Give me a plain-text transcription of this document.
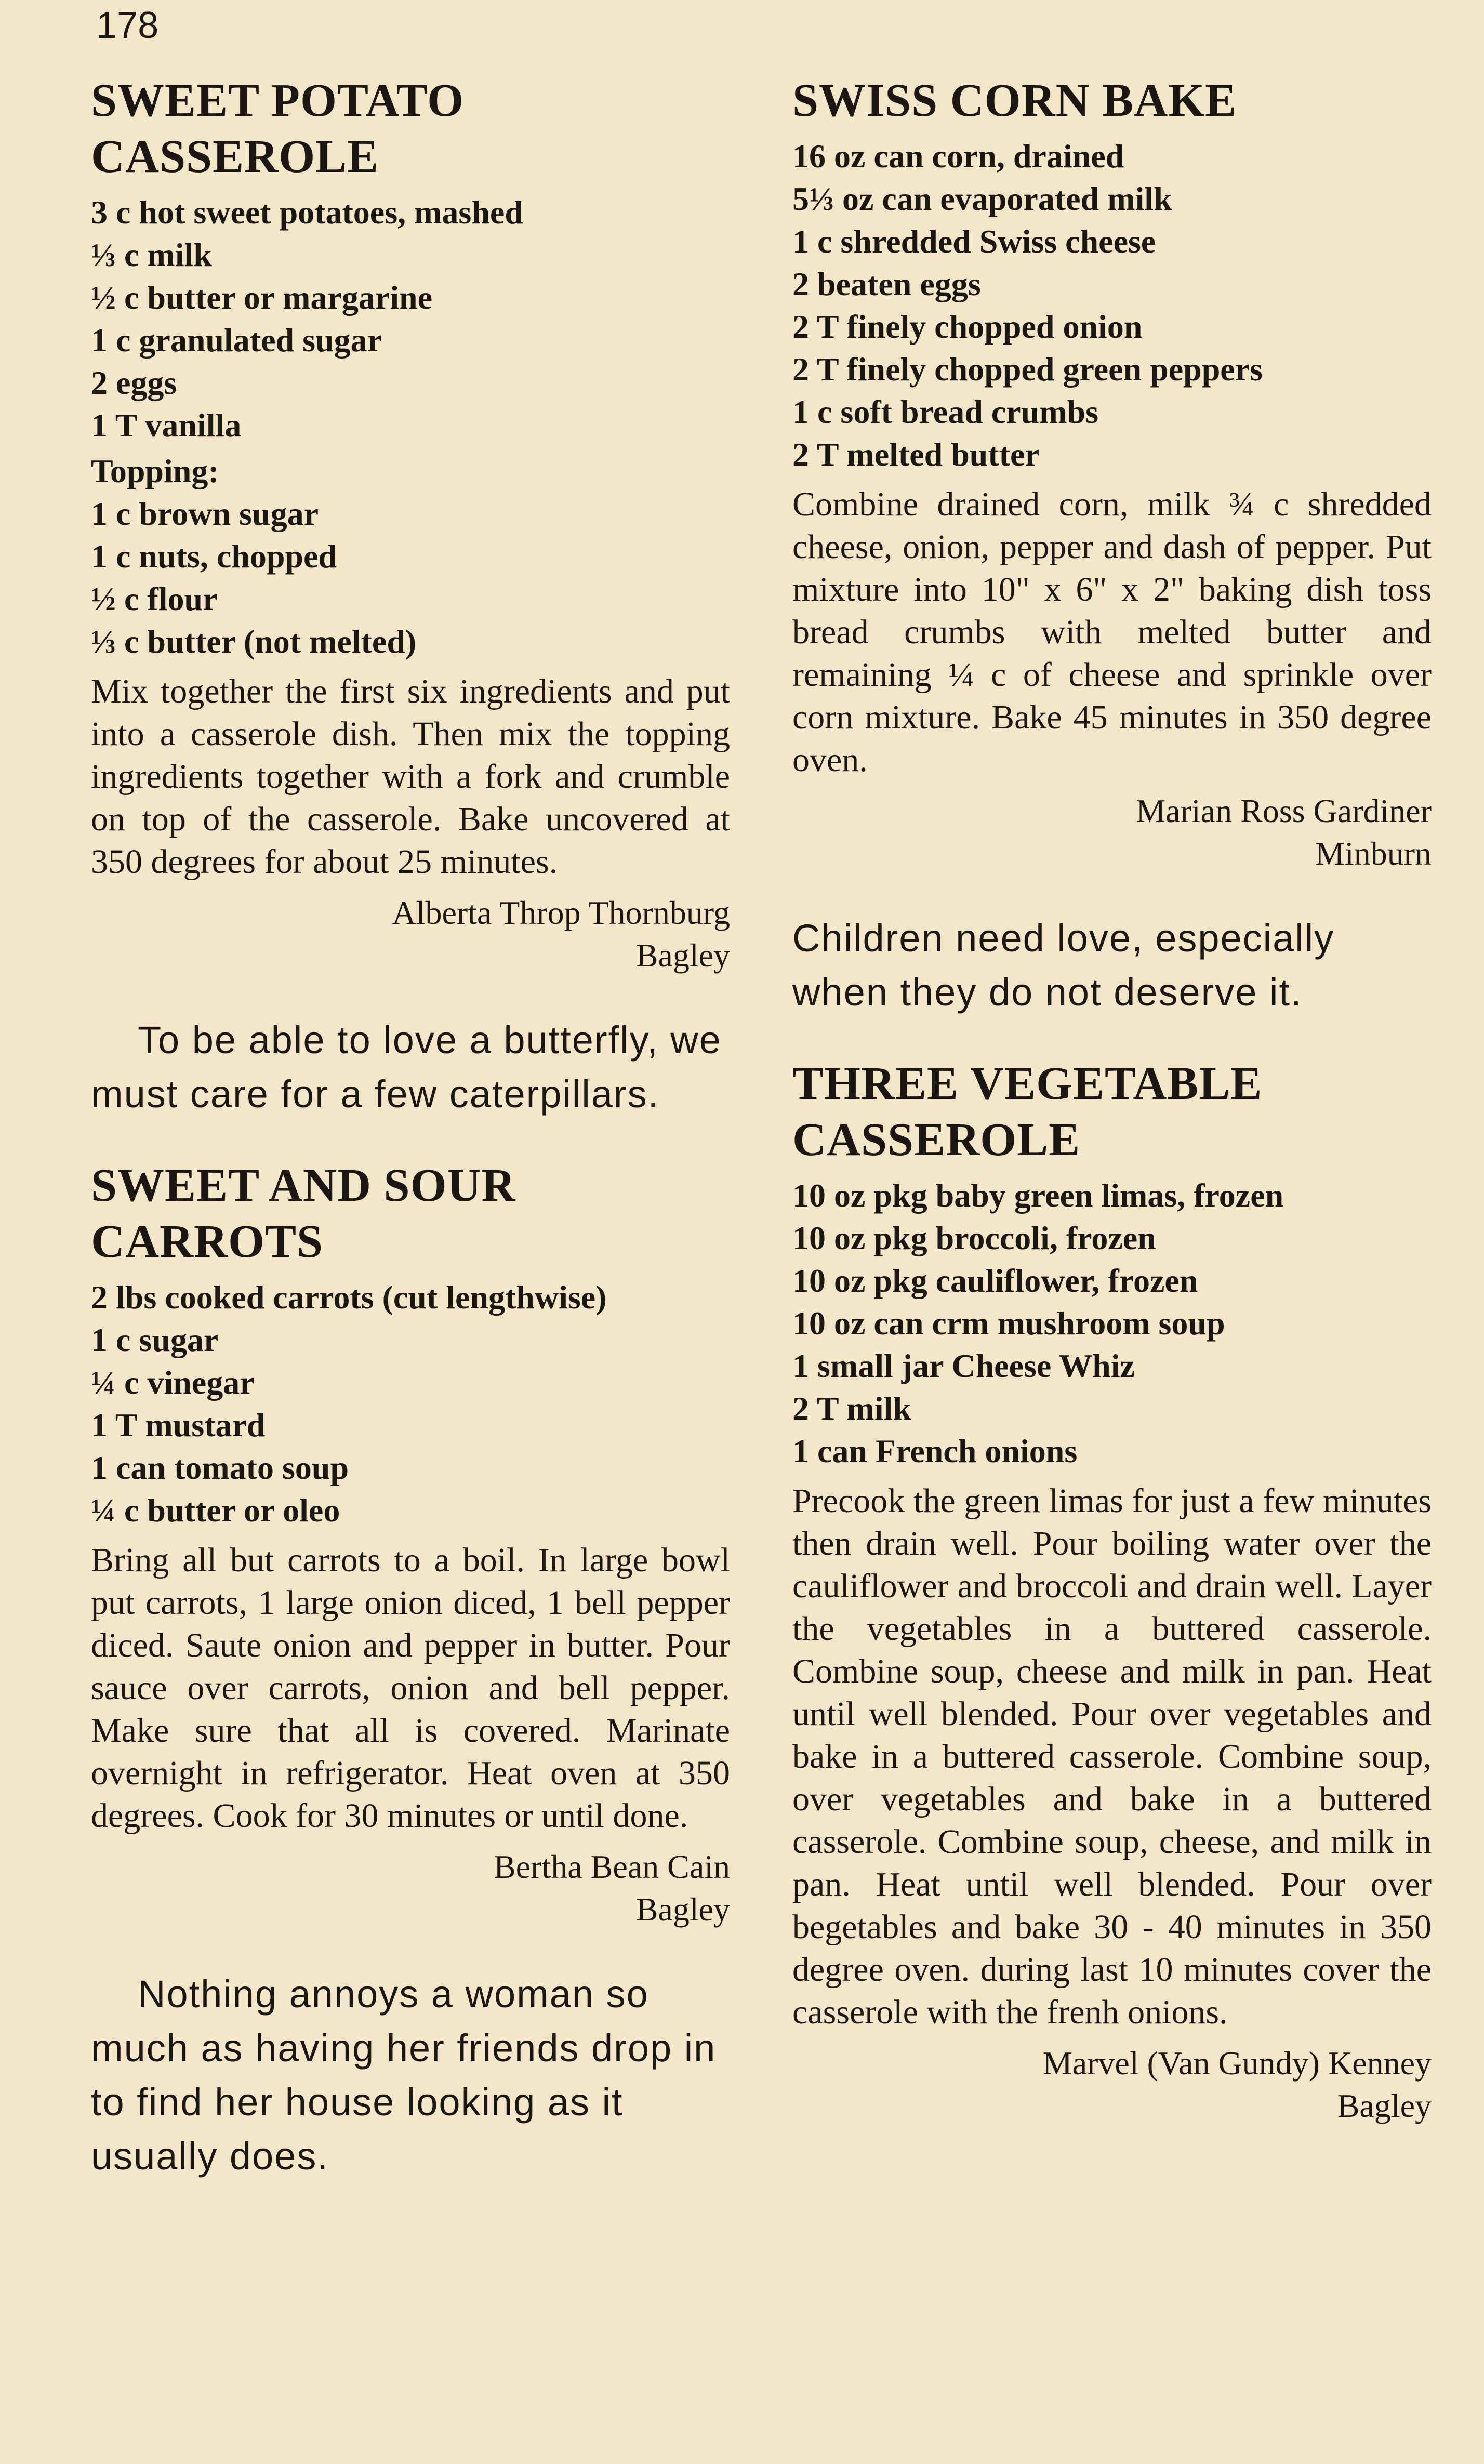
178
SWEET POTATO
CASSEROLE
3 c hot sweet potatoes, mashed
⅓ c milk
½ c butter or margarine
1 c granulated sugar
2 eggs
1 T vanilla
Topping:
1 c brown sugar
1 c nuts, chopped
½ c flour
⅓ c butter (not melted)

Mix together the first six ingredients and put into a casserole dish. Then mix the topping ingredients together with a fork and crumble on top of the casserole. Bake uncovered at 350 degrees for about 25 minutes.

Alberta Throp Thornburg
Bagley

To be able to love a butterfly, we must care for a few caterpillars.

SWEET AND SOUR
CARROTS
2 lbs cooked carrots (cut lengthwise)
1 c sugar
¼ c vinegar
1 T mustard
1 can tomato soup
¼ c butter or oleo

Bring all but carrots to a boil. In large bowl put carrots, 1 large onion diced, 1 bell pepper diced. Saute onion and pepper in butter. Pour sauce over carrots, onion and bell pepper. Make sure that all is covered. Marinate overnight in refrigerator. Heat oven at 350 degrees. Cook for 30 minutes or until done.

Bertha Bean Cain
Bagley

Nothing annoys a woman so much as having her friends drop in to find her house looking as it usually does.

SWISS CORN BAKE
16 oz can corn, drained
5⅓ oz can evaporated milk
1 c shredded Swiss cheese
2 beaten eggs
2 T finely chopped onion
2 T finely chopped green peppers
1 c soft bread crumbs
2 T melted butter

Combine drained corn, milk ¾ c shredded cheese, onion, pepper and dash of pepper. Put mixture into 10" x 6" x 2" baking dish toss bread crumbs with melted butter and remaining ¼ c of cheese and sprinkle over corn mixture. Bake 45 minutes in 350 degree oven.

Marian Ross Gardiner
Minburn

Children need love, especially when they do not deserve it.

THREE VEGETABLE
CASSEROLE
10 oz pkg baby green limas, frozen
10 oz pkg broccoli, frozen
10 oz pkg cauliflower, frozen
10 oz can crm mushroom soup
1 small jar Cheese Whiz
2 T milk
1 can French onions

Precook the green limas for just a few minutes then drain well. Pour boiling water over the cauliflower and broccoli and drain well. Layer the vegetables in a buttered casserole. Combine soup, cheese and milk in pan. Heat until well blended. Pour over vegetables and bake in a buttered casserole. Combine soup, over vegetables and bake in a buttered casserole. Combine soup, cheese, and milk in pan. Heat until well blended. Pour over begetables and bake 30 - 40 minutes in 350 degree oven. during last 10 minutes cover the casserole with the frenh onions.

Marvel (Van Gundy) Kenney
Bagley
